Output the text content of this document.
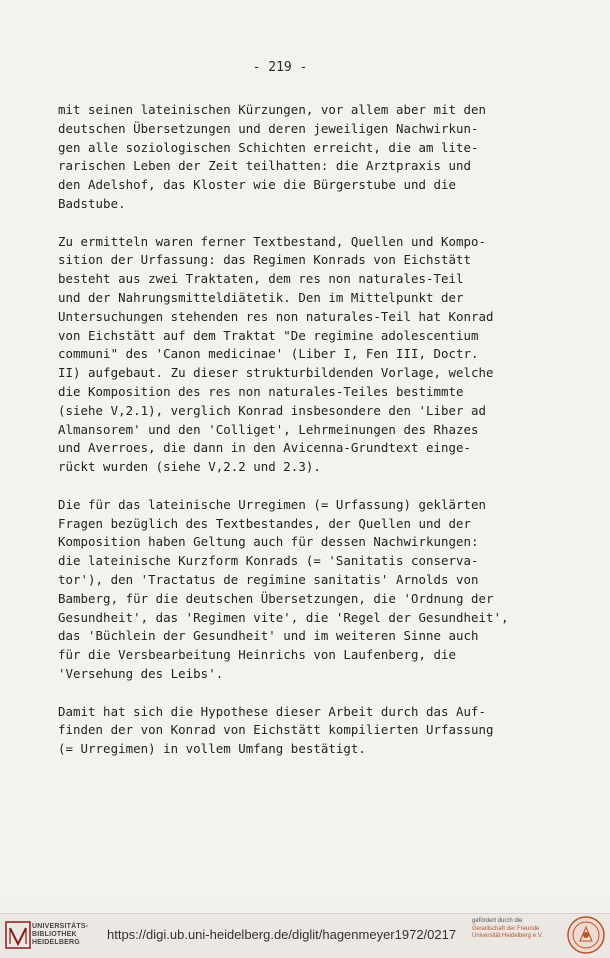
- 219 -
mit seinen lateinischen Kürzungen, vor allem aber mit den
deutschen Übersetzungen und deren jeweiligen Nachwirkun-
gen alle soziologischen Schichten erreicht, die am lite-
rarischen Leben der Zeit teilhatten: die Arztpraxis und
den Adelshof, das Kloster wie die Bürgerstube und die
Badstube.
Zu ermitteln waren ferner Textbestand, Quellen und Kompo-
sition der Urfassung: das Regimen Konrads von Eichstätt
besteht aus zwei Traktaten, dem res non naturales-Teil
und der Nahrungsmitteldiätetik. Den im Mittelpunkt der
Untersuchungen stehenden res non naturales-Teil hat Konrad
von Eichstätt auf dem Traktat "De regimine adolescentium
communi" des 'Canon medicinae' (Liber I, Fen III, Doctr.
II) aufgebaut. Zu dieser strukturbildenden Vorlage, welche
die Komposition des res non naturales-Teiles bestimmte
(siehe V,2.1), verglich Konrad insbesondere den 'Liber ad
Almansorem' und den 'Colliget', Lehrmeinungen des Rhazes
und Averroes, die dann in den Avicenna-Grundtext einge-
rückt wurden (siehe V,2.2 und 2.3).
Die für das lateinische Urregimen (= Urfassung) geklärten
Fragen bezüglich des Textbestandes, der Quellen und der
Komposition haben Geltung auch für dessen Nachwirkungen:
die lateinische Kurzform Konrads (= 'Sanitatis conserva-
tor'), den 'Tractatus de regimine sanitatis' Arnolds von
Bamberg, für die deutschen Übersetzungen, die 'Ordnung der
Gesundheit', das 'Regimen vite', die 'Regel der Gesundheit',
das 'Büchlein der Gesundheit' und im weiteren Sinne auch
für die Versbearbeitung Heinrichs von Laufenberg, die
'Versehung des Leibs'.
Damit hat sich die Hypothese dieser Arbeit durch das Auf-
finden der von Konrad von Eichstätt kompilierten Urfassung
(= Urregimen) in vollem Umfang bestätigt.
UNIVERSITÄTS-
BIBLIOTHEK
HEIDELBERG
https://digi.ub.uni-heidelberg.de/diglit/hagenmeyer1972/0217
gefördert durch die
Gesellschaft der Freunde
Universität Heidelberg e.V.
